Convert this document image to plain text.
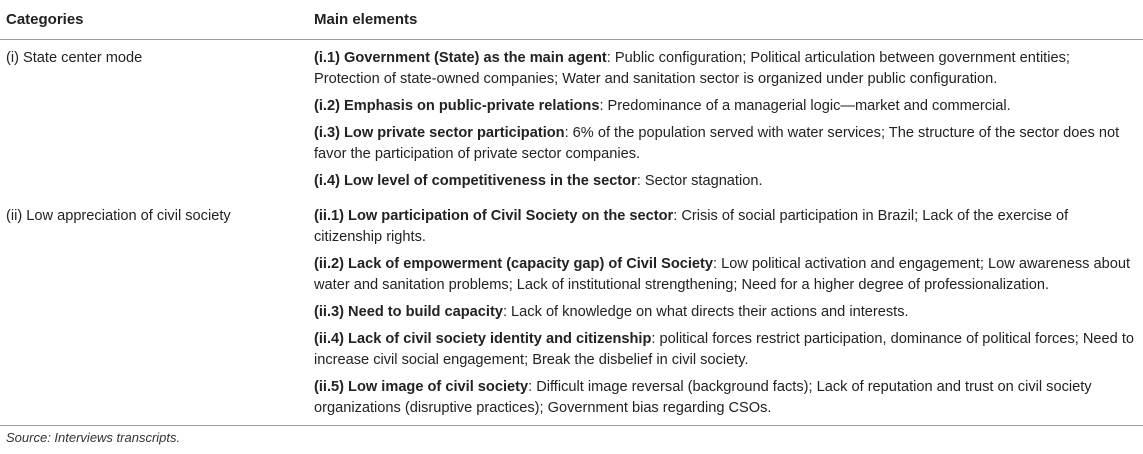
Categories	Main elements
(i) State center mode	(i.1) Government (State) as the main agent: Public configuration; Political articulation between government entities; Protection of state-owned companies; Water and sanitation sector is organized under public configuration.
(i.2) Emphasis on public-private relations: Predominance of a managerial logic—market and commercial.
(i.3) Low private sector participation: 6% of the population served with water services; The structure of the sector does not favor the participation of private sector companies.
(i.4) Low level of competitiveness in the sector: Sector stagnation.

(ii) Low appreciation of civil society	(ii.1) Low participation of Civil Society on the sector: Crisis of social participation in Brazil; Lack of the exercise of citizenship rights.
(ii.2) Lack of empowerment (capacity gap) of Civil Society: Low political activation and engagement; Low awareness about water and sanitation problems; Lack of institutional strengthening; Need for a higher degree of professionalization.
(ii.3) Need to build capacity: Lack of knowledge on what directs their actions and interests.
(ii.4) Lack of civil society identity and citizenship: political forces restrict participation, dominance of political forces; Need to increase civil social engagement; Break the disbelief in civil society.
(ii.5) Low image of civil society: Difficult image reversal (background facts); Lack of reputation and trust on civil society organizations (disruptive practices); Government bias regarding CSOs.
Source: Interviews transcripts.
